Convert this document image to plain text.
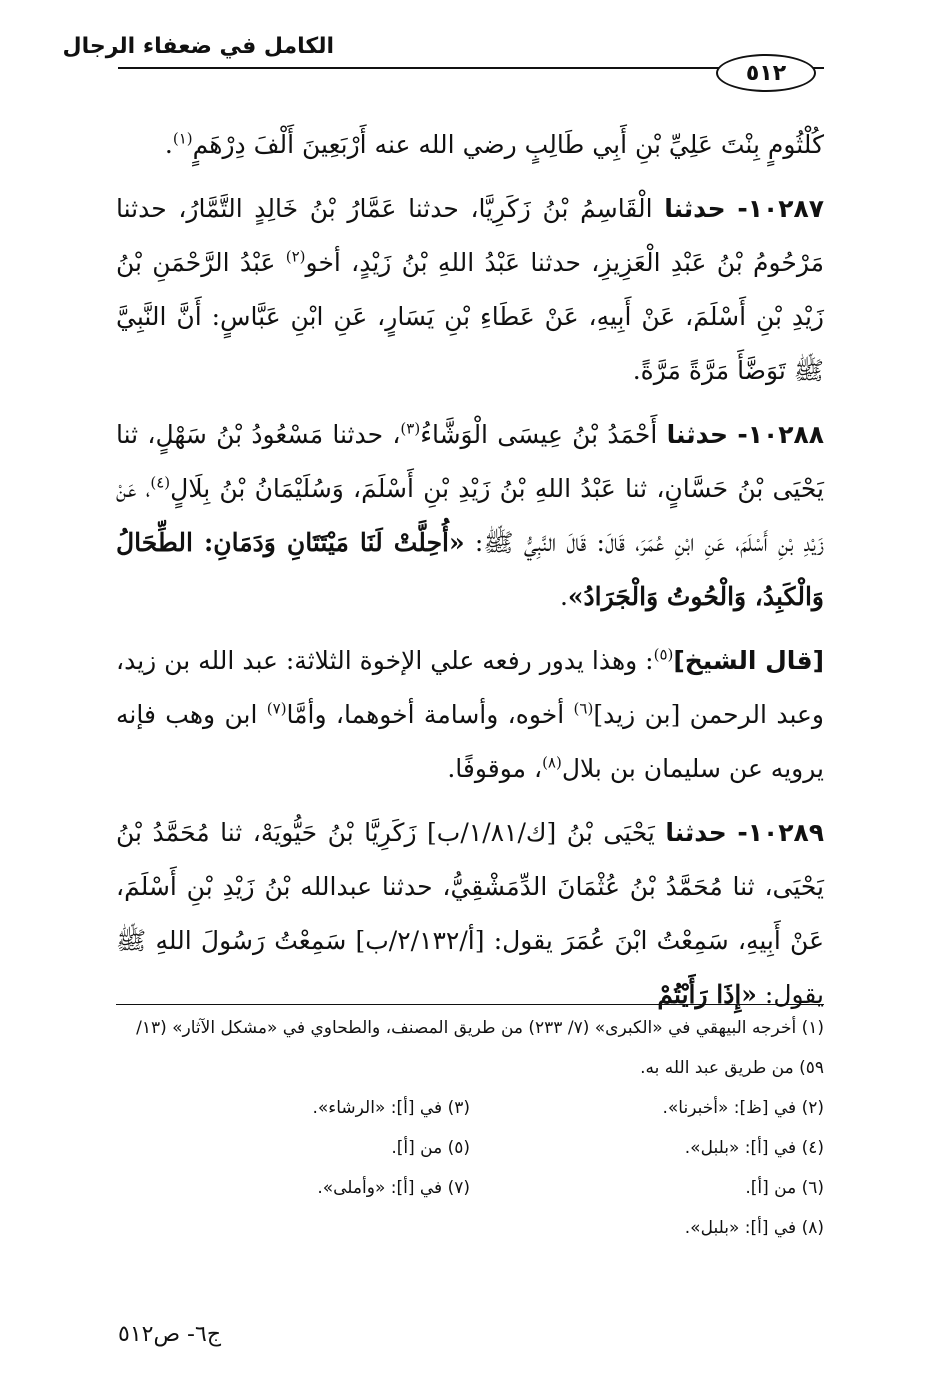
الكامل في ضعفاء الرجال
٥١٢

كُلْثُومٍ بِنْتَ عَلِيِّ بْنِ أَبِي طَالِبٍ رضي الله عنه أَرْبَعِينَ أَلْفَ دِرْهَمٍ$^{(١)}$.

١٠٢٨٧- حدثنا الْقَاسِمُ بْنُ زَكَرِيَّا، حدثنا عَمَّارُ بْنُ خَالِدٍ التَّمَّارُ، حدثنا مَرْحُومُ بْنُ عَبْدِ الْعَزِيزِ، حدثنا عَبْدُ اللهِ بْنُ زَيْدٍ، أخو$^{(٢)}$ عَبْدُ الرَّحْمَنِ بْنُ زَيْدِ بْنِ أَسْلَمَ، عَنْ أَبِيهِ، عَنْ عَطَاءِ بْنِ يَسَارٍ، عَنِ ابْنِ عَبَّاسٍ: أَنَّ النَّبِيَّ ﷺ تَوَضَّأَ مَرَّةً مَرَّةً.

١٠٢٨٨- حدثنا أَحْمَدُ بْنُ عِيسَى الْوَشَّاءُ$^{(٣)}$، حدثنا مَسْعُودُ بْنُ سَهْلٍ، ثنا يَحْيَى بْنُ حَسَّانٍ، ثنا عَبْدُ اللهِ بْنُ زَيْدِ بْنِ أَسْلَمَ، وَسُلَيْمَانُ بْنُ بِلَالٍ$^{(٤)}$، عَنْ زَيْدِ بْنِ أَسْلَمَ، عَنِ ابْنِ عُمَرَ، قَالَ: قَالَ النَّبِيُّ ﷺ: «أُحِلَّتْ لَنَا مَيْتَتَانِ وَدَمَانِ: الطِّحَالُ وَالْكَبِدُ، وَالْحُوتُ وَالْجَرَادُ».

[قال الشيخ]$^{(٥)}$: وهذا يدور رفعه علي الإخوة الثلاثة: عبد الله بن زيد، وعبد الرحمن [بن زيد]$^{(٦)}$ أخوه، وأسامة أخوهما، وأمَّا$^{(٧)}$ ابن وهب فإنه يرويه عن سليمان بن بلال$^{(٨)}$، موقوفًا.

١٠٢٨٩- حدثنا يَحْيَى بْنُ [ك/١/٨١/ب] زَكَرِيَّا بْنُ حَيُّويَهْ، ثنا مُحَمَّدُ بْنُ يَحْيَى، ثنا مُحَمَّدُ بْنُ عُثْمَانَ الدِّمَشْقِيُّ، حدثنا عبدالله بْنُ زَيْدِ بْنِ أَسْلَمَ، عَنْ أَبِيهِ، سَمِعْتُ ابْنَ عُمَرَ يقول: [أ/٢/١٣٢/ب] سَمِعْتُ رَسُولَ اللهِ ﷺ يقول: «إِذَا رَأَيْتُمْ

(١) أخرجه البيهقي في «الكبرى» (٧/ ٢٣٣) من طريق المصنف، والطحاوي في «مشكل الآثار» (١٣/ ٥٩) من طريق عبد الله به.

(٢) في [ظ]: «أخبرنا».
(٣) في [أ]: «الرشاء».
(٤) في [أ]: «بلبل».
(٥) من [أ].
(٦) من [أ].
(٧) في [أ]: «وأملى».
(٨) في [أ]: «بلبل».
ج٦- ص٥١٢
